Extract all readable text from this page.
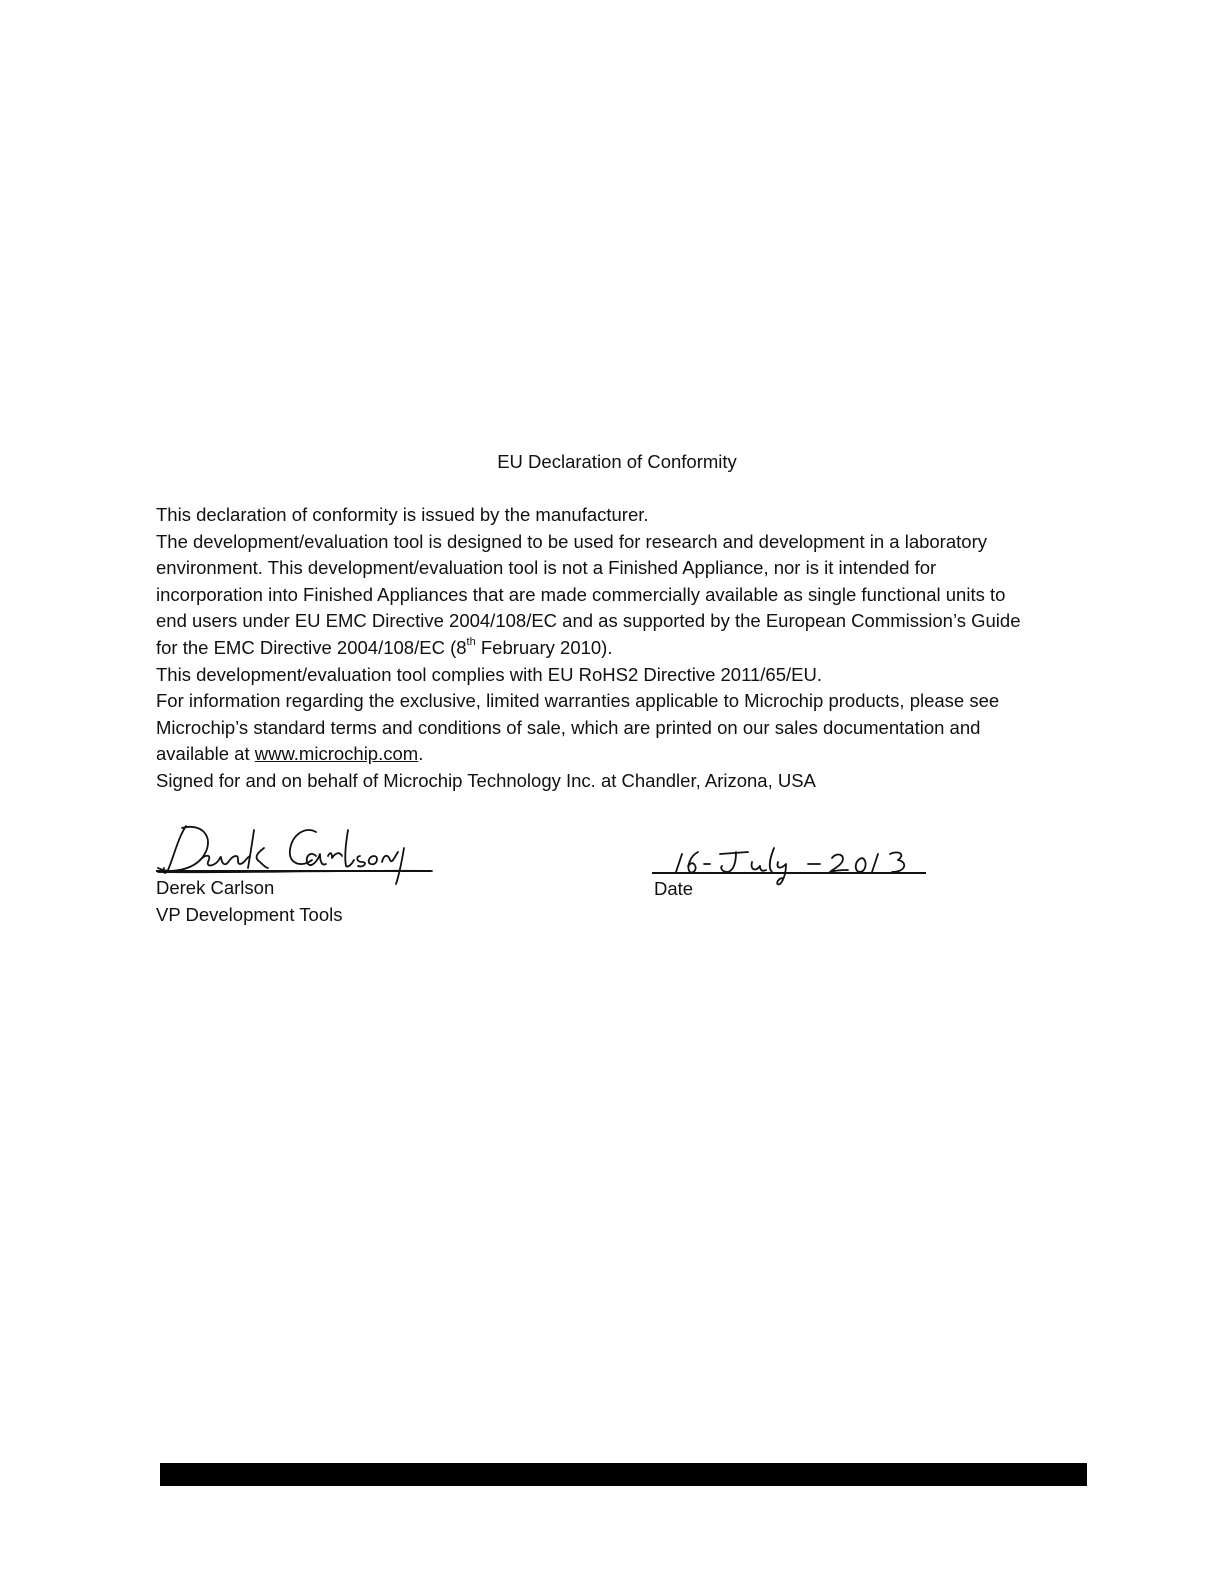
EU Declaration of Conformity
This declaration of conformity is issued by the manufacturer.
The development/evaluation tool is designed to be used for research and development in a laboratory
environment. This development/evaluation tool is not a Finished Appliance, nor is it intended for
incorporation into Finished Appliances that are made commercially available as single functional units to
end users under EU EMC Directive 2004/108/EC and as supported by the European Commission’s Guide
for the EMC Directive 2004/108/EC (8th February 2010).
This development/evaluation tool complies with EU RoHS2 Directive 2011/65/EU.
For information regarding the exclusive, limited warranties applicable to Microchip products, please see
Microchip’s standard terms and conditions of sale, which are printed on our sales documentation and
available at www.microchip.com.
Signed for and on behalf of Microchip Technology Inc. at Chandler, Arizona, USA
Derek Carlson
VP Development Tools
Date
